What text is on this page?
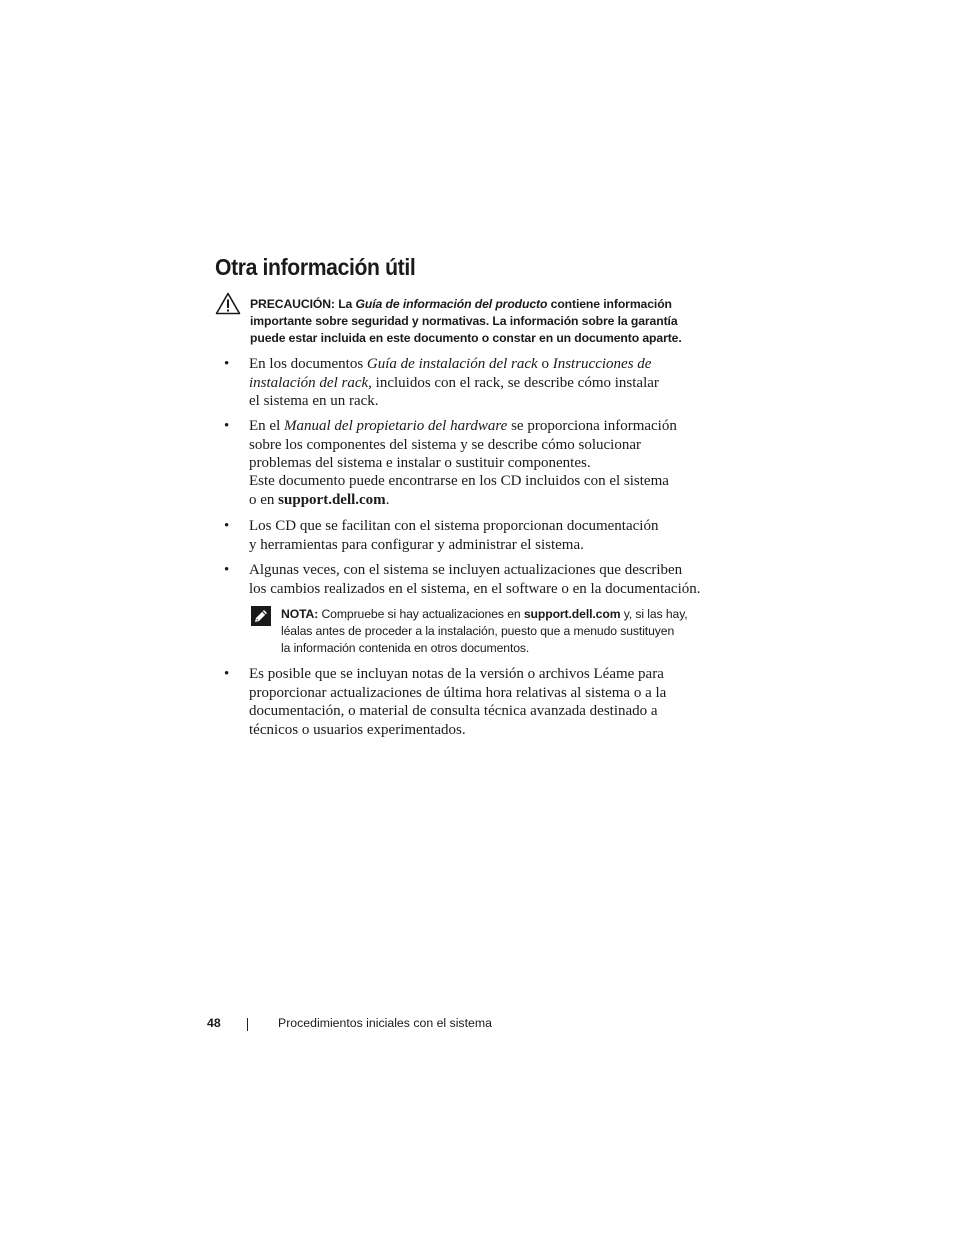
Otra información útil
PRECAUCIÓN: La Guía de información del producto contiene información
importante sobre seguridad y normativas. La información sobre la garantía
puede estar incluida en este documento o constar en un documento aparte.
• En los documentos Guía de instalación del rack o Instrucciones de
instalación del rack, incluidos con el rack, se describe cómo instalar
el sistema en un rack.
• En el Manual del propietario del hardware se proporciona información
sobre los componentes del sistema y se describe cómo solucionar
problemas del sistema e instalar o sustituir componentes.
Este documento puede encontrarse en los CD incluidos con el sistema
o en support.dell.com.
• Los CD que se facilitan con el sistema proporcionan documentación
y herramientas para configurar y administrar el sistema.
• Algunas veces, con el sistema se incluyen actualizaciones que describen
los cambios realizados en el sistema, en el software o en la documentación.
NOTA: Compruebe si hay actualizaciones en support.dell.com y, si las hay,
léalas antes de proceder a la instalación, puesto que a menudo sustituyen
la información contenida en otros documentos.
• Es posible que se incluyan notas de la versión o archivos Léame para
proporcionar actualizaciones de última hora relativas al sistema o a la
documentación, o material de consulta técnica avanzada destinado a
técnicos o usuarios experimentados.
48	Procedimientos iniciales con el sistema
